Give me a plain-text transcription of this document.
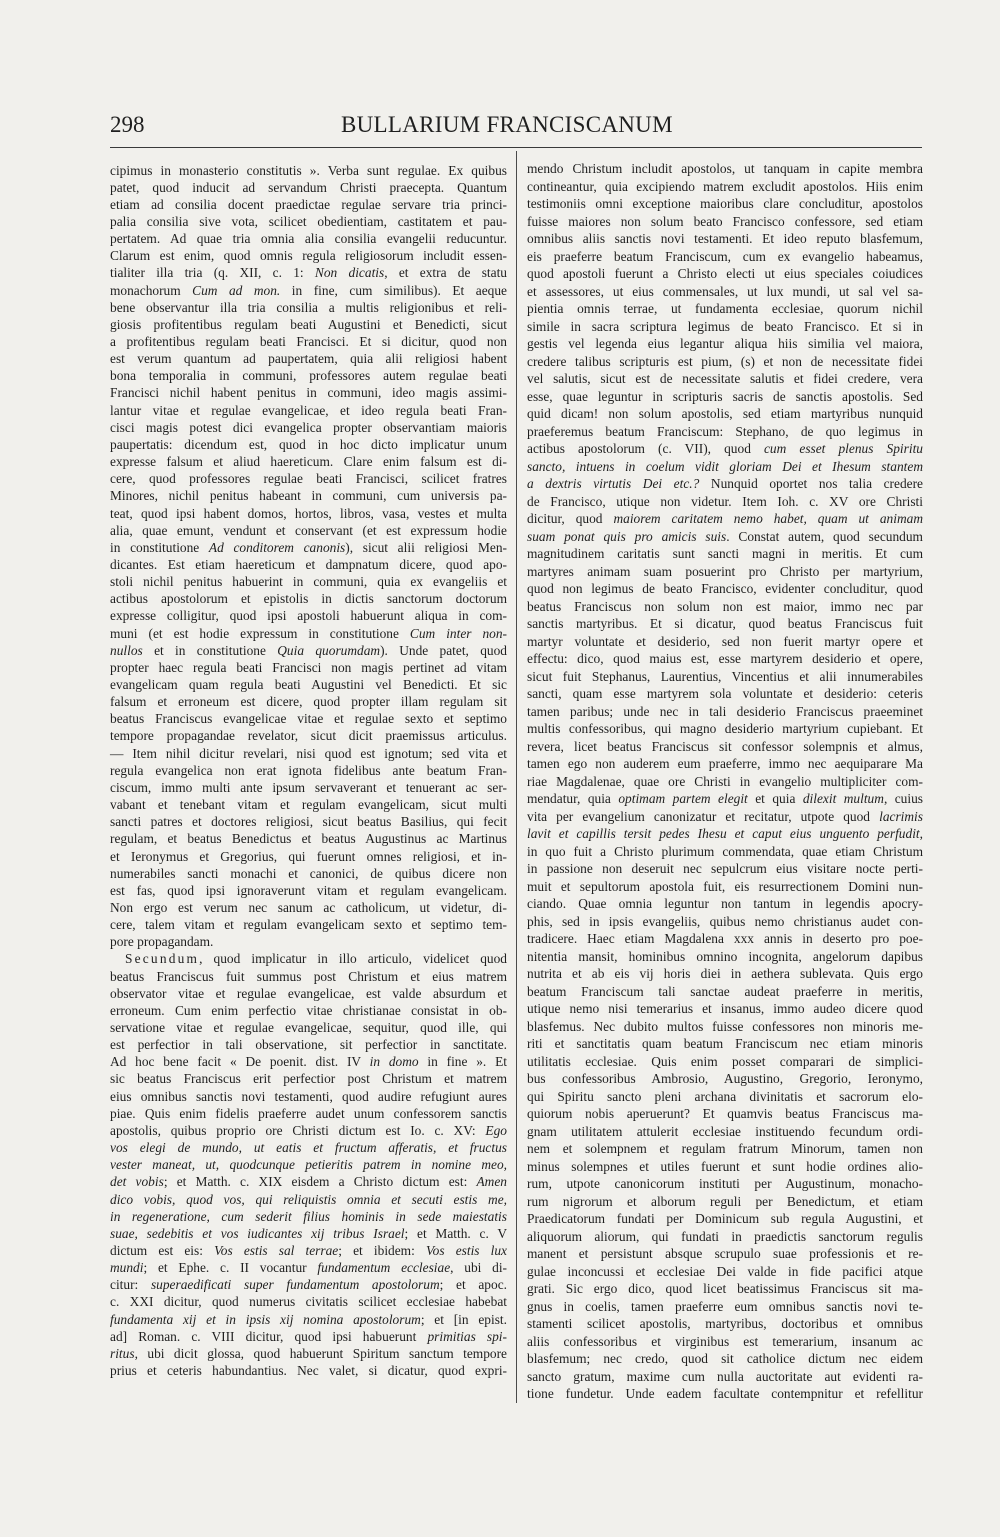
298	BULLARIUM FRANCISCANUM
cipimus in monasterio constitutis ». Verba sunt regulae. Ex quibus
patet, quod inducit ad servandum Christi praecepta. Quantum
etiam ad consilia docent praedictae regulae servare tria princi-
palia consilia sive vota, scilicet obedientiam, castitatem et pau-
pertatem. Ad quae tria omnia alia consilia evangelii reducuntur.
Clarum est enim, quod omnis regula religiosorum includit essen-
tialiter illa tria (q. XII, c. 1: Non dicatis, et extra de statu
monachorum Cum ad mon. in fine, cum similibus). Et aeque
bene observantur illa tria consilia a multis religionibus et reli-
giosis profitentibus regulam beati Augustini et Benedicti, sicut
a profitentibus regulam beati Francisci. Et si dicitur, quod non
est verum quantum ad paupertatem, quia alii religiosi habent
bona temporalia in communi, professores autem regulae beati
Francisci nichil habent penitus in communi, ideo magis assimi-
lantur vitae et regulae evangelicae, et ideo regula beati Fran-
cisci magis potest dici evangelica propter observantiam maioris
paupertatis: dicendum est, quod in hoc dicto implicatur unum
expresse falsum et aliud haereticum. Clare enim falsum est di-
cere, quod professores regulae beati Francisci, scilicet fratres
Minores, nichil penitus habeant in communi, cum universis pa-
teat, quod ipsi habent domos, hortos, libros, vasa, vestes et multa
alia, quae emunt, vendunt et conservant (et est expressum hodie
in constitutione Ad conditorem canonis), sicut alii religiosi Men-
dicantes. Est etiam haereticum et dampnatum dicere, quod apo-
stoli nichil penitus habuerint in communi, quia ex evangeliis et
actibus apostolorum et epistolis in dictis sanctorum doctorum
expresse colligitur, quod ipsi apostoli habuerunt aliqua in com-
muni (et est hodie expressum in constitutione Cum inter non-
nullos et in constitutione Quia quorumdam). Unde patet, quod
propter haec regula beati Francisci non magis pertinet ad vitam
evangelicam quam regula beati Augustini vel Benedicti. Et sic
falsum et erroneum est dicere, quod propter illam regulam sit
beatus Franciscus evangelicae vitae et regulae sexto et septimo
tempore propagandae revelator, sicut dicit praemissus articulus.
— Item nihil dicitur revelari, nisi quod est ignotum; sed vita et
regula evangelica non erat ignota fidelibus ante beatum Fran-
ciscum, immo multi ante ipsum servaverant et tenuerant ac ser-
vabant et tenebant vitam et regulam evangelicam, sicut multi
sancti patres et doctores religiosi, sicut beatus Basilius, qui fecit
regulam, et beatus Benedictus et beatus Augustinus ac Martinus
et Ieronymus et Gregorius, qui fuerunt omnes religiosi, et in-
numerabiles sancti monachi et canonici, de quibus dicere non
est fas, quod ipsi ignoraverunt vitam et regulam evangelicam.
Non ergo est verum nec sanum ac catholicum, ut videtur, di-
cere, talem vitam et regulam evangelicam sexto et septimo tem-
pore propagandam.
Secundum, quod implicatur in illo articulo, videlicet quod
beatus Franciscus fuit summus post Christum et eius matrem
observator vitae et regulae evangelicae, est valde absurdum et
erroneum. Cum enim perfectio vitae christianae consistat in ob-
servatione vitae et regulae evangelicae, sequitur, quod ille, qui
est perfectior in tali observatione, sit perfectior in sanctitate.
Ad hoc bene facit « De poenit. dist. IV in domo in fine ». Et
sic beatus Franciscus erit perfectior post Christum et matrem
eius omnibus sanctis novi testamenti, quod audire refugiunt aures
piae. Quis enim fidelis praeferre audet unum confessorem sanctis
apostolis, quibus proprio ore Christi dictum est Io. c. XV: Ego
vos elegi de mundo, ut eatis et fructum afferatis, et fructus
vester maneat, ut, quodcunque petieritis patrem in nomine meo,
det vobis; et Matth. c. XIX eisdem a Christo dictum est: Amen
dico vobis, quod vos, qui reliquistis omnia et secuti estis me,
in regeneratione, cum sederit filius hominis in sede maiestatis
suae, sedebitis et vos iudicantes xij tribus Israel; et Matth. c. V
dictum est eis: Vos estis sal terrae; et ibidem: Vos estis lux
mundi; et Ephe. c. II vocantur fundamentum ecclesiae, ubi di-
citur: superaedificati super fundamentum apostolorum; et apoc.
c. XXI dicitur, quod numerus civitatis scilicet ecclesiae habebat
fundamenta xij et in ipsis xij nomina apostolorum; et [in epist.
ad] Roman. c. VIII dicitur, quod ipsi habuerunt primitias spi-
ritus, ubi dicit glossa, quod habuerunt Spiritum sanctum tempore
prius et ceteris habundantius. Nec valet, si dicatur, quod expri-
mendo Christum includit apostolos, ut tanquam in capite membra
contineantur, quia excipiendo matrem excludit apostolos. Hiis enim
testimoniis omni exceptione maioribus clare concluditur, apostolos
fuisse maiores non solum beato Francisco confessore, sed etiam
omnibus aliis sanctis novi testamenti. Et ideo reputo blasfemum,
eis praeferre beatum Franciscum, cum ex evangelio habeamus,
quod apostoli fuerunt a Christo electi ut eius speciales coiudices
et assessores, ut eius commensales, ut lux mundi, ut sal vel sa-
pientia omnis terrae, ut fundamenta ecclesiae, quorum nichil
simile in sacra scriptura legimus de beato Francisco. Et si in
gestis vel legenda eius legantur aliqua hiis similia vel maiora,
credere talibus scripturis est pium, (s) et non de necessitate fidei
vel salutis, sicut est de necessitate salutis et fidei credere, vera
esse, quae leguntur in scripturis sacris de sanctis apostolis. Sed
quid dicam! non solum apostolis, sed etiam martyribus nunquid
praeferemus beatum Franciscum: Stephano, de quo legimus in
actibus apostolorum (c. VII), quod cum esset plenus Spiritu
sancto, intuens in coelum vidit gloriam Dei et Ihesum stantem
a dextris virtutis Dei etc.? Nunquid oportet nos talia credere
de Francisco, utique non videtur. Item Ioh. c. XV ore Christi
dicitur, quod maiorem caritatem nemo habet, quam ut animam
suam ponat quis pro amicis suis. Constat autem, quod secundum
magnitudinem caritatis sunt sancti magni in meritis. Et cum
martyres animam suam posuerint pro Christo per martyrium,
quod non legimus de beato Francisco, evidenter concluditur, quod
beatus Franciscus non solum non est maior, immo nec par
sanctis martyribus. Et si dicatur, quod beatus Franciscus fuit
martyr voluntate et desiderio, sed non fuerit martyr opere et
effectu: dico, quod maius est, esse martyrem desiderio et opere,
sicut fuit Stephanus, Laurentius, Vincentius et alii innumerabiles
sancti, quam esse martyrem sola voluntate et desiderio: ceteris
tamen paribus; unde nec in tali desiderio Franciscus praeeminet
multis confessoribus, qui magno desiderio martyrium cupiebant. Et
revera, licet beatus Franciscus sit confessor solempnis et almus,
tamen ego non auderem eum praeferre, immo nec aequiparare Ma
riae Magdalenae, quae ore Christi in evangelio multipliciter com-
mendatur, quia optimam partem elegit et quia dilexit multum, cuius
vita per evangelium canonizatur et recitatur, utpote quod lacrimis
lavit et capillis tersit pedes Ihesu et caput eius unguento perfudit,
in quo fuit a Christo plurimum commendata, quae etiam Christum
in passione non deseruit nec sepulcrum eius visitare nocte perti-
muit et sepultorum apostola fuit, eis resurrectionem Domini nun-
ciando. Quae omnia leguntur non tantum in legendis apocry-
phis, sed in ipsis evangeliis, quibus nemo christianus audet con-
tradicere. Haec etiam Magdalena xxx annis in deserto pro poe-
nitentia mansit, hominibus omnino incognita, angelorum dapibus
nutrita et ab eis vij horis diei in aethera sublevata. Quis ergo
beatum Franciscum tali sanctae audeat praeferre in meritis,
utique nemo nisi temerarius et insanus, immo audeo dicere quod
blasfemus. Nec dubito multos fuisse confessores non minoris me-
riti et sanctitatis quam beatum Franciscum nec etiam minoris
utilitatis ecclesiae. Quis enim posset comparari de simplici-
bus confessoribus Ambrosio, Augustino, Gregorio, Ieronymo,
qui Spiritu sancto pleni archana divinitatis et sacrorum elo-
quiorum nobis aperuerunt? Et quamvis beatus Franciscus ma-
gnam utilitatem attulerit ecclesiae instituendo fecundum ordi-
nem et solempnem et regulam fratrum Minorum, tamen non
minus solempnes et utiles fuerunt et sunt hodie ordines alio-
rum, utpote canonicorum instituti per Augustinum, monacho-
rum nigrorum et alborum reguli per Benedictum, et etiam
Praedicatorum fundati per Dominicum sub regula Augustini, et
aliquorum aliorum, qui fundati in praedictis sanctorum regulis
manent et persistunt absque scrupulo suae professionis et re-
gulae inconcussi et ecclesiae Dei valde in fide pacifici atque
grati. Sic ergo dico, quod licet beatissimus Franciscus sit ma-
gnus in coelis, tamen praeferre eum omnibus sanctis novi te-
stamenti scilicet apostolis, martyribus, doctoribus et omnibus
aliis confessoribus et virginibus est temerarium, insanum ac
blasfemum; nec credo, quod sit catholice dictum nec eidem
sancto gratum, maxime cum nulla auctoritate aut evidenti ra-
tione fundetur. Unde eadem facultate contempnitur et refellitur
